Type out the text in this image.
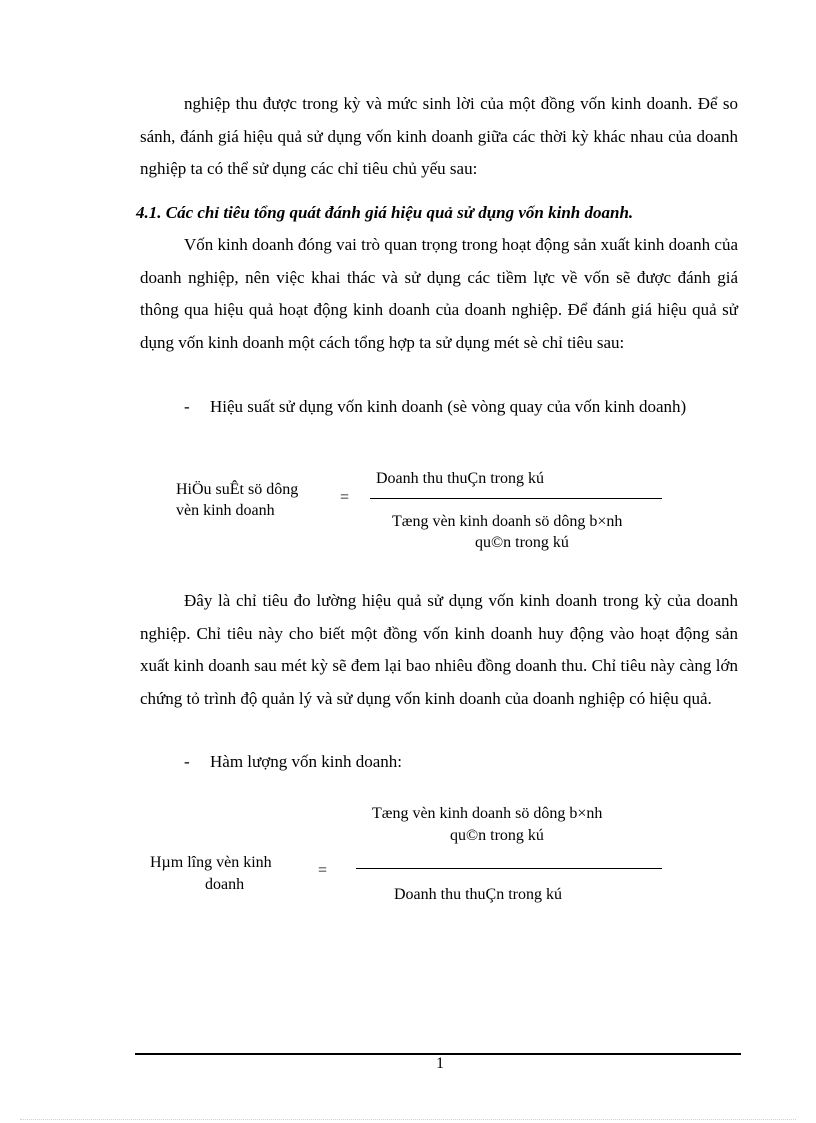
nghiệp thu được trong kỳ và mức sinh lời của một đồng vốn kinh doanh. Để so sánh, đánh giá hiệu quả sử dụng vốn kinh doanh giữa các thời kỳ khác nhau của doanh nghiệp ta có thể sử dụng các chỉ tiêu chủ yếu sau:

4.1. Các chỉ tiêu tổng quát đánh giá hiệu quả sử dụng vốn kinh doanh.

Vốn kinh doanh đóng vai trò quan trọng trong hoạt động sản xuất kinh doanh của doanh nghiệp, nên việc khai thác và sử dụng các tiềm lực về vốn sẽ được đánh giá thông qua hiệu quả hoạt động kinh doanh của doanh nghiệp. Để đánh giá hiệu quả sử dụng vốn kinh doanh một cách tổng hợp ta sử dụng mét sè chỉ tiêu sau:

- Hiệu suất sử dụng vốn kinh doanh (sè vòng quay của vốn kinh doanh)

HiÖu suÊt sö dông
vèn kinh doanh
=
Doanh thu thuÇn trong kú
Tæng vèn kinh doanh sö dông b×nh
qu©n trong kú

Đây là chỉ tiêu đo lường hiệu quả sử dụng vốn kinh doanh trong kỳ của doanh nghiệp. Chỉ tiêu này cho biết một đồng vốn kinh doanh huy động vào hoạt động sản xuất kinh doanh sau mét kỳ sẽ đem lại bao nhiêu đồng doanh thu. Chỉ tiêu này càng lớn chứng tỏ trình độ quản lý và sử dụng vốn kinh doanh của doanh nghiệp có hiệu quả.

- Hàm lượng vốn kinh doanh:

Tæng vèn kinh doanh sö dông b×nh
qu©n trong kú
Hµm lîng vèn kinh
doanh
=
Doanh thu thuÇn trong kú
1
